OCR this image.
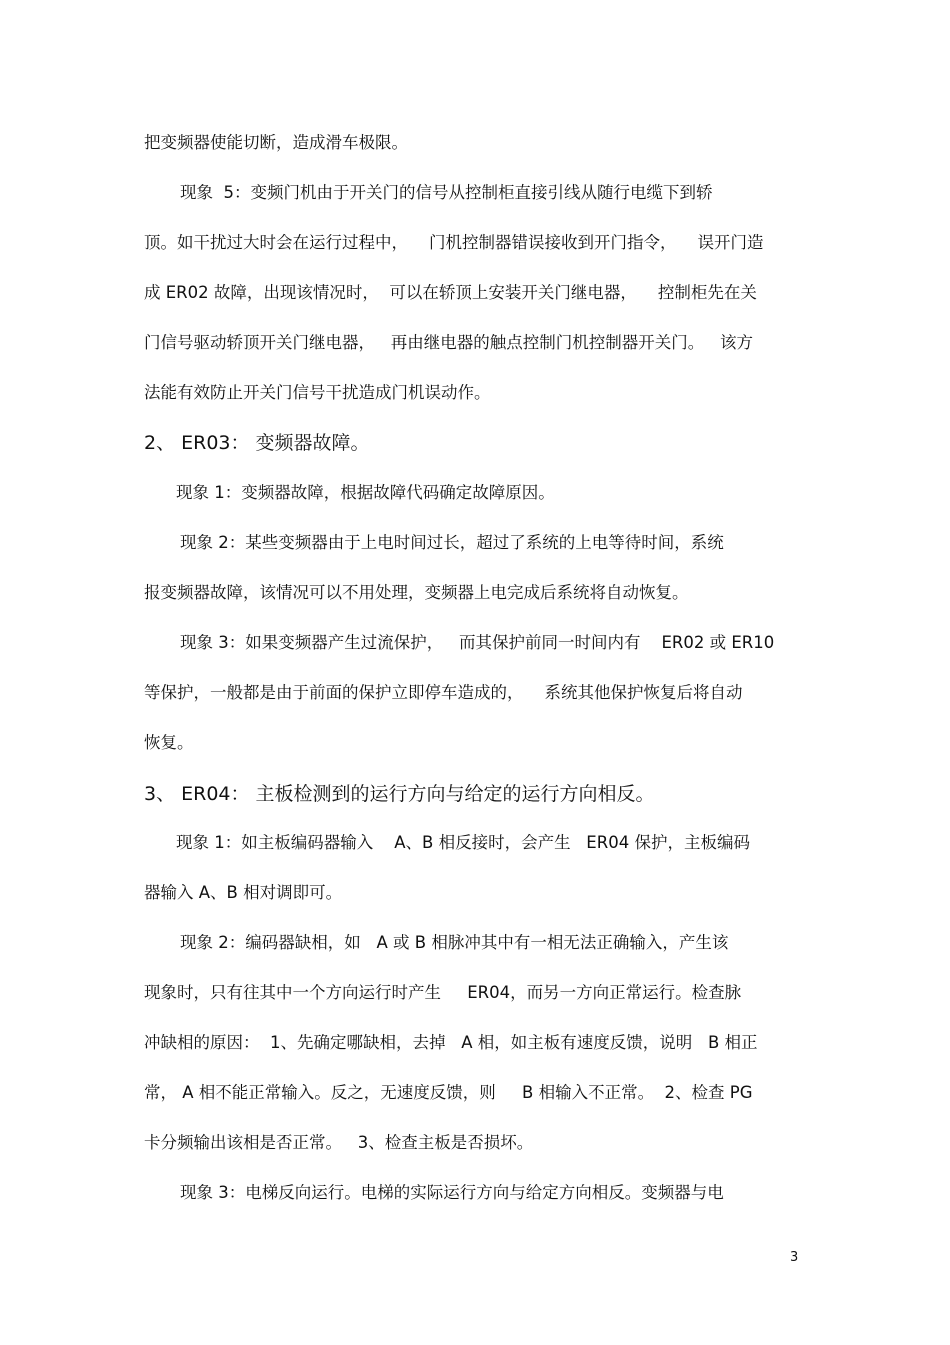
把变频器使能切断，造成滑车极限。
现象  5：变频门机由于开关门的信号从控制柜直接引线从随行电缆下到轿
顶。如干扰过大时会在运行过程中，    门机控制器错误接收到开门指令，    误开门造
成 ER02 故障，出现该情况时，  可以在轿顶上安装开关门继电器，    控制柜先在关
门信号驱动轿顶开关门继电器，   再由继电器的触点控制门机控制器开关门。   该方
法能有效防止开关门信号干扰造成门机误动作。
2、 ER03： 变频器故障。
现象 1：变频器故障，根据故障代码确定故障原因。
现象 2：某些变频器由于上电时间过长，超过了系统的上电等待时间，系统
报变频器故障，该情况可以不用处理，变频器上电完成后系统将自动恢复。
现象 3：如果变频器产生过流保护，   而其保护前同一时间内有    ER02 或 ER10
等保护，一般都是由于前面的保护立即停车造成的，    系统其他保护恢复后将自动
恢复。
3、 ER04： 主板检测到的运行方向与给定的运行方向相反。
现象 1：如主板编码器输入    A、B 相反接时，会产生   ER04 保护，主板编码
器输入 A、B 相对调即可。
现象 2：编码器缺相，如   A 或 B 相脉冲其中有一相无法正确输入，产生该
现象时，只有往其中一个方向运行时产生     ER04，而另一方向正常运行。检查脉
冲缺相的原因：  1、先确定哪缺相，去掉   A 相，如主板有速度反馈，说明   B 相正
常， A 相不能正常输入。反之，无速度反馈，则     B 相输入不正常。  2、检查 PG
卡分频输出该相是否正常。   3、检查主板是否损坏。
现象 3：电梯反向运行。电梯的实际运行方向与给定方向相反。变频器与电
3
